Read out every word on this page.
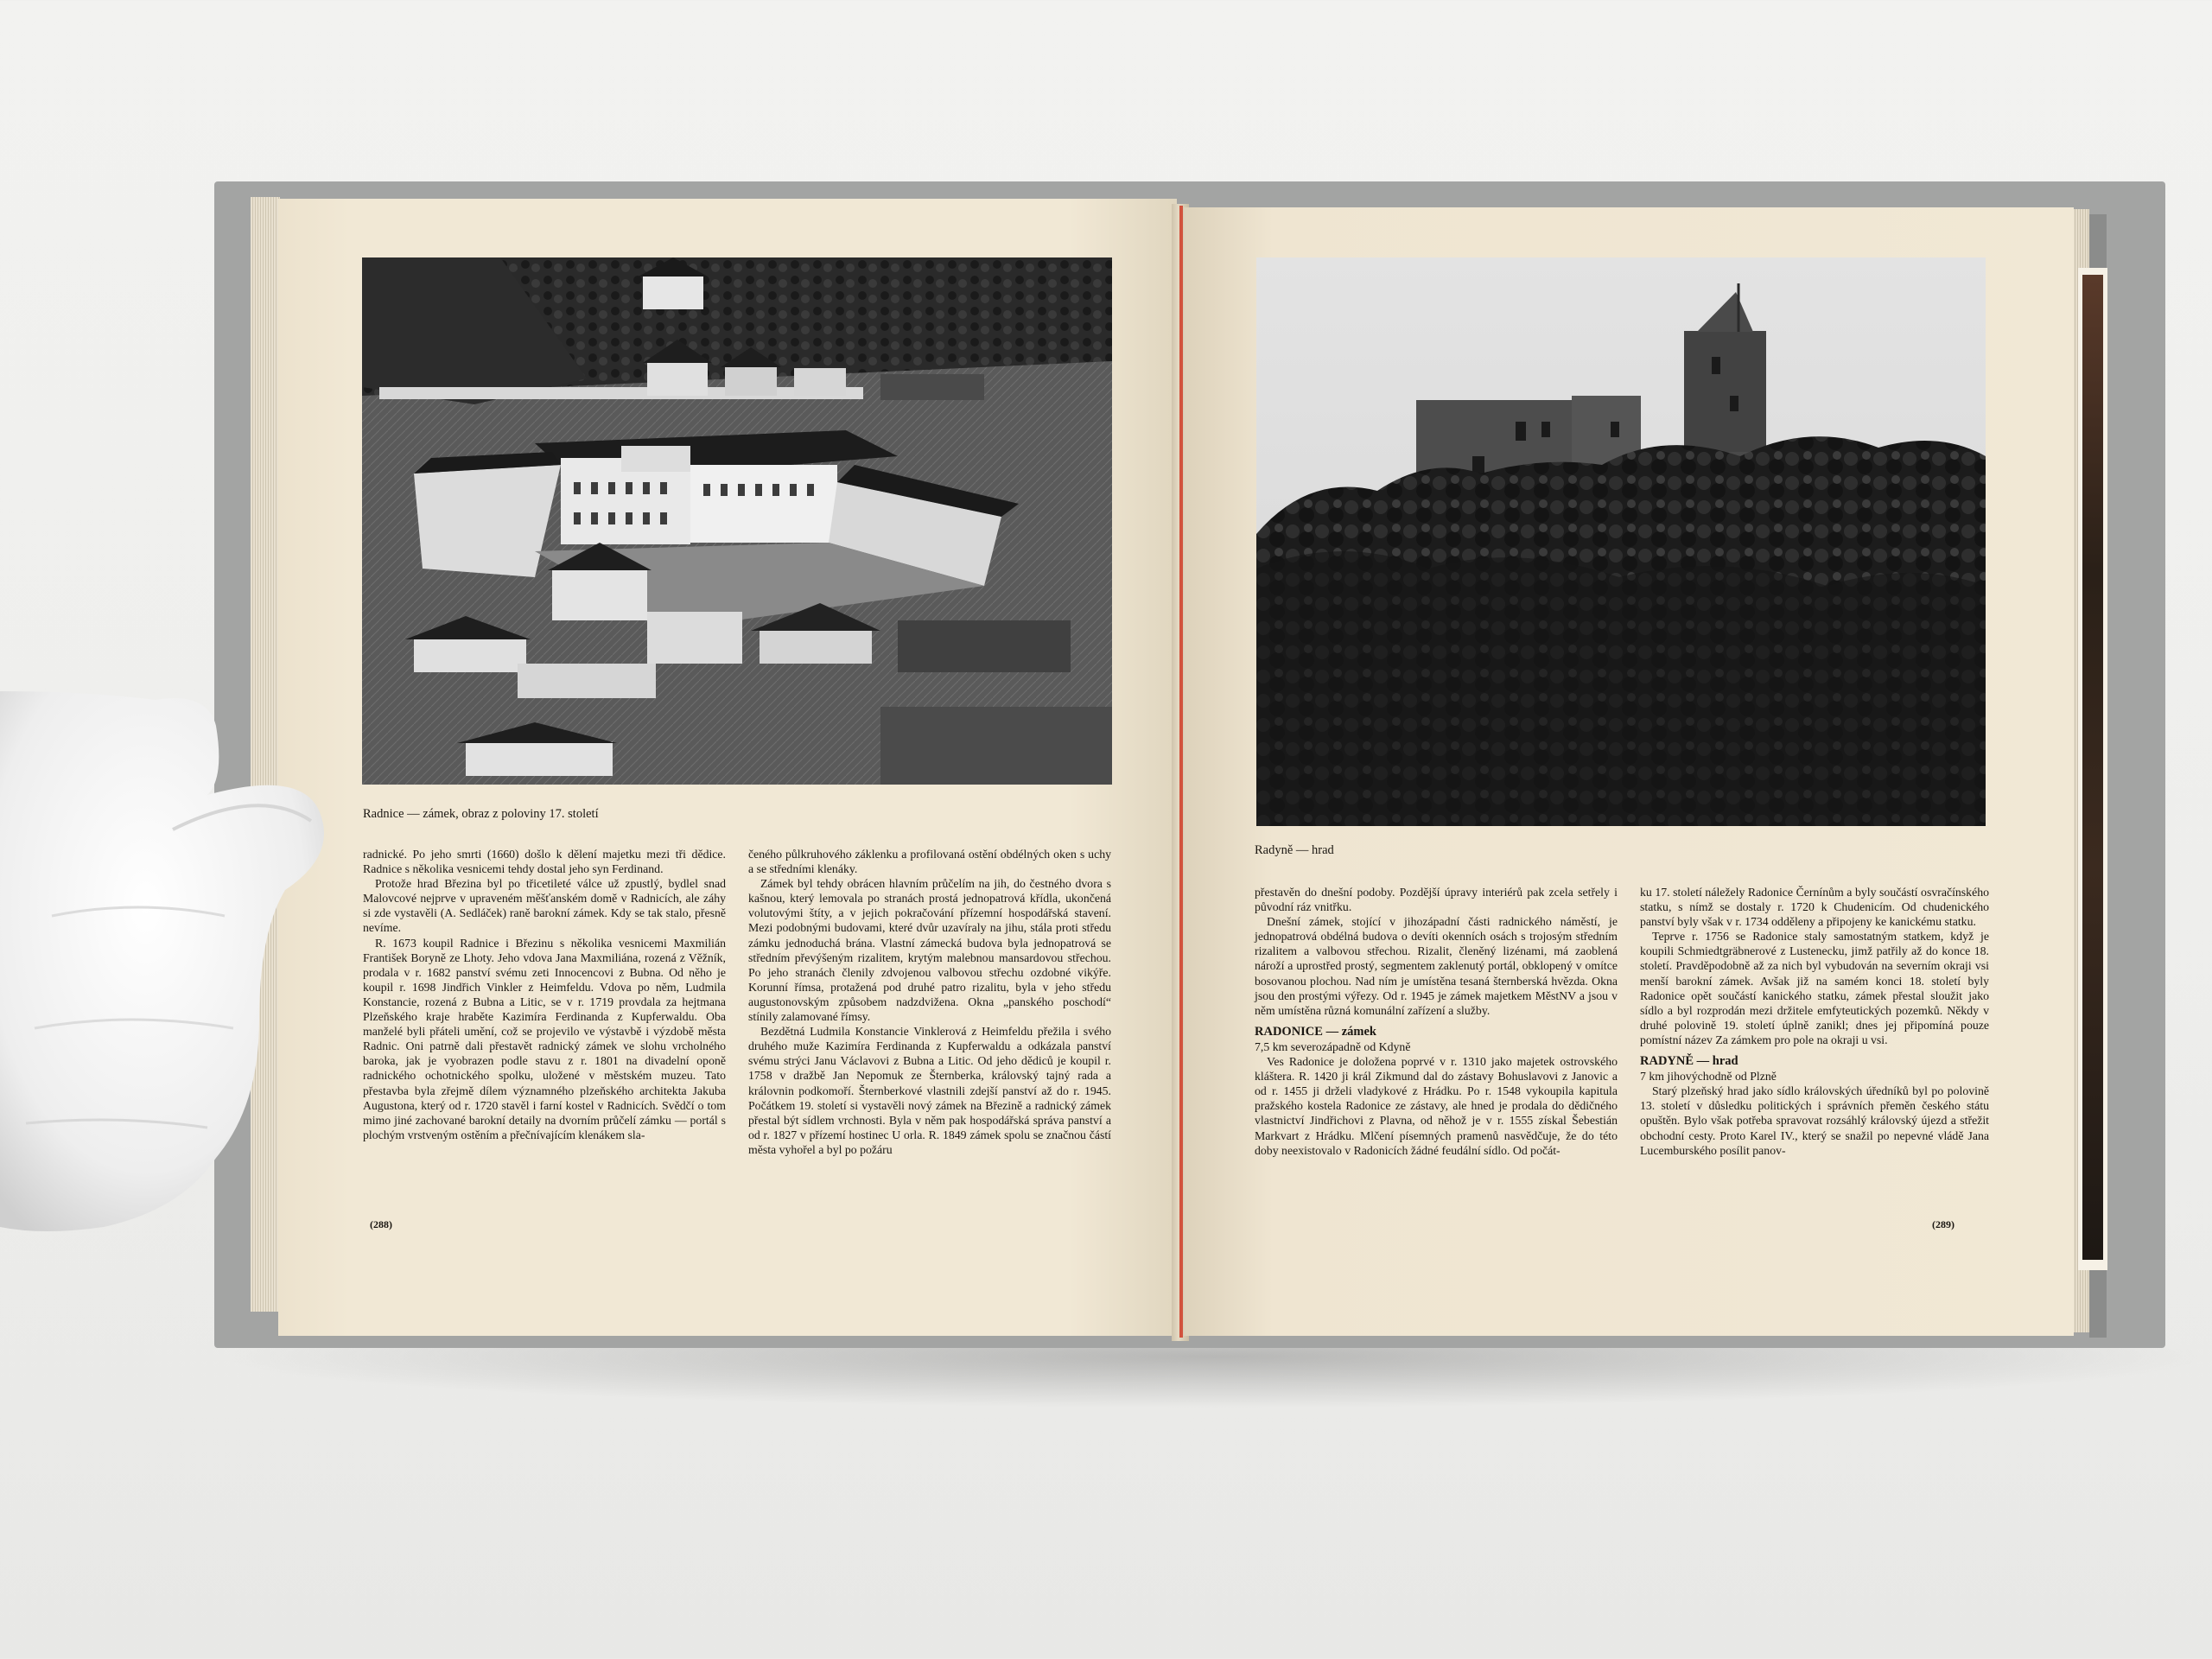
Radnice — zámek, obraz z poloviny 17. století

radnické. Po jeho smrti (1660) došlo k dělení majetku mezi tři dědice. Radnice s několika vesnicemi tehdy dostal jeho syn Ferdinand.

Protože hrad Březina byl po třicetileté válce už zpustlý, bydlel snad Malovcové nejprve v upraveném měšťanském domě v Radnicích, ale záhy si zde vystavěli (A. Sedláček) raně barokní zámek. Kdy se tak stalo, přesně nevíme.

R. 1673 koupil Radnice i Březinu s několika vesnicemi Maxmilián František Boryně ze Lhoty. Jeho vdova Jana Maxmiliána, rozená z Věžník, prodala v r. 1682 panství svému zeti Innocencovi z Bubna. Od něho je koupil r. 1698 Jindřich Vinkler z Heimfeldu. Vdova po něm, Ludmila Konstancie, rozená z Bubna a Litic, se v r. 1719 provdala za hejtmana Plzeňského kraje hraběte Kazimíra Ferdinanda z Kupferwaldu. Oba manželé byli přáteli umění, což se projevilo ve výstavbě i výzdobě města Radnic. Oni patrně dali přestavět radnický zámek ve slohu vrcholného baroka, jak je vyobrazen podle stavu z r. 1801 na divadelní oponě radnického ochotnického spolku, uložené v městském muzeu. Tato přestavba byla zřejmě dílem významného plzeňského architekta Jakuba Augustona, který od r. 1720 stavěl i farní kostel v Radnicích. Svědčí o tom mimo jiné zachované barokní detaily na dvorním průčelí zámku — portál s plochým vrstveným ostěním a přečnívajícím klenákem sla-

čeného půlkruhového záklenku a profilovaná ostění obdélných oken s uchy a se středními klenáky.

Zámek byl tehdy obrácen hlavním průčelím na jih, do čestného dvora s kašnou, který lemovala po stranách prostá jednopatrová křídla, ukončená volutovými štíty, a v jejich pokračování přízemní hospodářská stavení. Mezi podobnými budovami, které dvůr uzavíraly na jihu, stála proti středu zámku jednoduchá brána. Vlastní zámecká budova byla jednopatrová se středním převýšeným rizalitem, krytým malebnou mansardovou střechou. Po jeho stranách členily zdvojenou valbovou střechu ozdobné vikýře. Korunní římsa, protažená pod druhé patro rizalitu, byla v jeho středu augustonovským způsobem nadzdvižena. Okna „panského poschodí“ stínily zalamované římsy.

Bezdětná Ludmila Konstancie Vinklerová z Heimfeldu přežila i svého druhého muže Kazimíra Ferdinanda z Kupferwaldu a odkázala panství svému strýci Janu Václavovi z Bubna a Litic. Od jeho dědiců je koupil r. 1758 v dražbě Jan Nepomuk ze Šternberka, královský tajný rada a královnin podkomoří. Šternberkové vlastnili zdejší panství až do r. 1945. Počátkem 19. století si vystavěli nový zámek na Březině a radnický zámek přestal být sídlem vrchnosti. Byla v něm pak hospodářská správa panství a od r. 1827 v přízemí hostinec U orla. R. 1849 zámek spolu se značnou částí města vyhořel a byl po požáru

(288)
Radyně — hrad

přestavěn do dnešní podoby. Pozdější úpravy interiérů pak zcela setřely i původní ráz vnitřku.

Dnešní zámek, stojící v jihozápadní části radnického náměstí, je jednopatrová obdélná budova o devíti okenních osách s trojosým středním rizalitem a valbovou střechou. Rizalit, členěný lizénami, má zaoblená nároží a uprostřed prostý, segmentem zaklenutý portál, obklopený v omítce bosovanou plochou. Nad ním je umístěna tesaná šternberská hvězda. Okna jsou den prostými výřezy. Od r. 1945 je zámek majetkem MěstNV a jsou v něm umístěna různá komunální zařízení a služby.

RADONICE — zámek

7,5 km severozápadně od Kdyně

Ves Radonice je doložena poprvé v r. 1310 jako majetek ostrovského kláštera. R. 1420 ji král Zikmund dal do zástavy Bohuslavovi z Janovic a od r. 1455 ji drželi vladykové z Hrádku. Po r. 1548 vykoupila kapitula pražského kostela Radonice ze zástavy, ale hned je prodala do dědičného vlastnictví Jindřichovi z Plavna, od něhož je v r. 1555 získal Šebestián Markvart z Hrádku. Mlčení písemných pramenů nasvědčuje, že do této doby neexistovalo v Radonicích žádné feudální sídlo. Od počát-

ku 17. století náležely Radonice Černínům a byly součástí osvračínského statku, s nímž se dostaly r. 1720 k Chudenicím. Od chudenického panství byly však v r. 1734 odděleny a připojeny ke kanickému statku.

Teprve r. 1756 se Radonice staly samostatným statkem, když je koupili Schmiedtgräbnerové z Lustenecku, jimž patřily až do konce 18. století. Pravděpodobně až za nich byl vybudován na severním okraji vsi menší barokní zámek. Avšak již na samém konci 18. století byly Radonice opět součástí kanického statku, zámek přestal sloužit jako sídlo a byl rozprodán mezi držitele emfyteutických pozemků. Někdy v druhé polovině 19. století úplně zanikl; dnes jej připomíná pouze pomístní název Za zámkem pro pole na okraji u vsi.

RADYNĚ — hrad

7 km jihovýchodně od Plzně

Starý plzeňský hrad jako sídlo královských úředníků byl po polovině 13. století v důsledku politických i správních přeměn českého státu opuštěn. Bylo však potřeba spravovat rozsáhlý královský újezd a střežit obchodní cesty. Proto Karel IV., který se snažil po nepevné vládě Jana Lucemburského posílit panov-

(289)
